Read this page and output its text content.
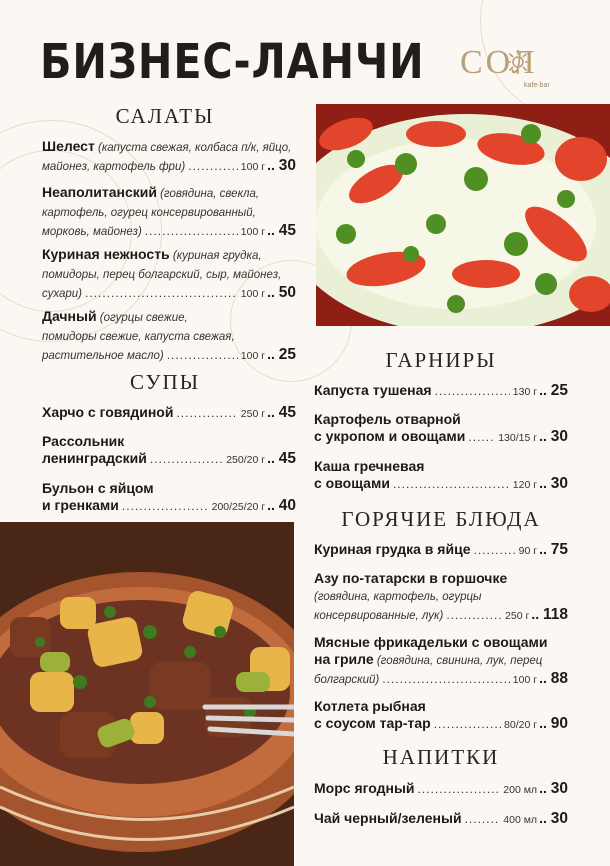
БИЗНЕС-ЛАНЧИ СОЛ
kafe-bar
САЛАТЫ
Шелест (капуста свежая, колбаса п/к, яйцо,
майонез, картофель фри) .....	100 г .. 30
Неаполитанский (говядина, свекла,
картофель, огурец консервированный,
морковь, майонез) .....	100 г .. 45
Куриная нежность (куриная грудка,
помидоры, перец болгарский, сыр, майонез,
сухари) .....	100 г .. 50
Дачный (огурцы свежие,
помидоры свежие, капуста свежая,
растительное масло) .....	100 г .. 25
СУПЫ
Харчо с говядиной .....	250 г .. 45
Рассольник
ленинградский .....	250/20 г .. 45
Бульон с яйцом
и гренками .....	200/25/20 г .. 40
ГАРНИРЫ
Капуста тушеная .....	130 г .. 25
Картофель отварной
с укропом и овощами .....	130/15 г .. 30
Каша гречневая
с овощами .....	120 г .. 30
ГОРЯЧИЕ БЛЮДА
Куриная грудка в яйце .....	90 г .. 75
Азу по-татарски в горшочке
(говядина, картофель, огурцы
консервированные, лук) .....	250 г .. 118
Мясные фрикадельки с овощами
на гриле (говядина, свинина, лук, перец
болгарский) .....	100 г .. 88
Котлета рыбная
с соусом тар-тар .....	80/20 г .. 90
НАПИТКИ
Морс ягодный .....	200 мл .. 30
Чай черный/зеленый .....	400 мл .. 30
